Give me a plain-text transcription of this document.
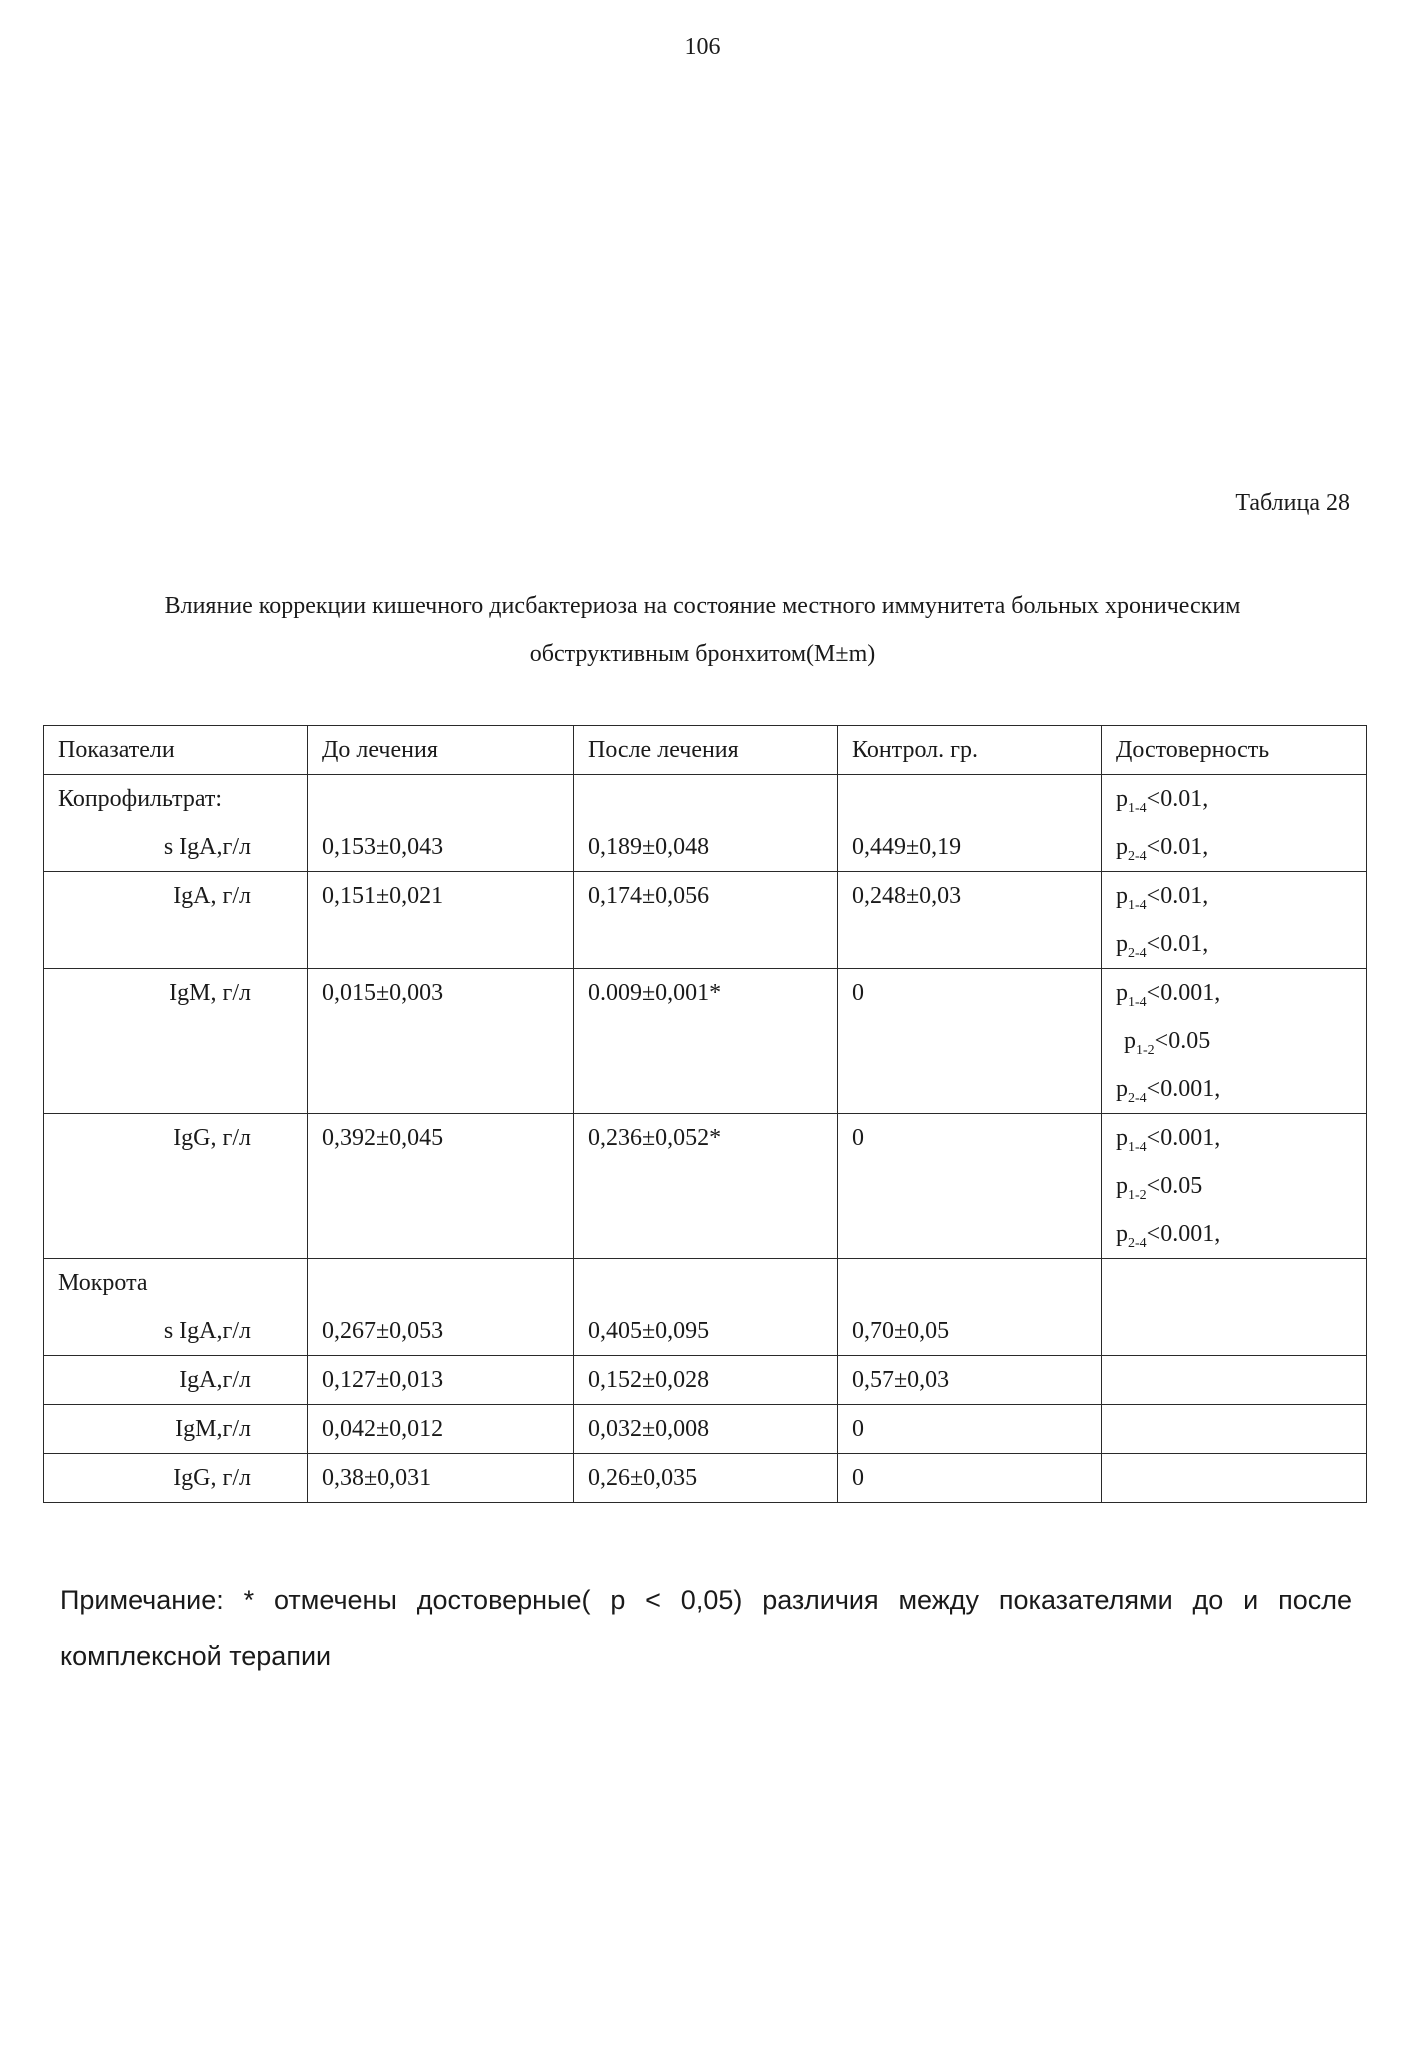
106
Таблица 28
Влияние коррекции кишечного дисбактериоза на состояние местного иммунитета больных хроническим
обструктивным бронхитом(M±m)
Показатели	До лечения	После лечения	Контрол. гр.	Достоверность

Копрофильтрат:
s IgA,г/л	0,153±0,043	0,189±0,048	0,449±0,19	$p_{1-4}<0.01$,
$p_{2-4}<0.01$,

IgA, г/л	0,151±0,021	0,174±0,056	0,248±0,03	$p_{1-4}<0.01$,
$p_{2-4}<0.01$,

IgM, г/л	0,015±0,003	0.009±0,001*	0	$p_{1-4}<0.001$,
$p_{1-2}<0.05$
$p_{2-4}<0.001$,

IgG, г/л	0,392±0,045	0,236±0,052*	0	$p_{1-4}<0.001$,
$p_{1-2}<0.05$
$p_{2-4}<0.001$,

Мокрота
s IgA,г/л	0,267±0,053	0,405±0,095	0,70±0,05	

IgA,г/л	0,127±0,013	0,152±0,028	0,57±0,03	

IgM,г/л	0,042±0,012	0,032±0,008	0	

IgG, г/л	0,38±0,031	0,26±0,035	0	

Примечание: * отмечены достоверные( p < 0,05) различия между показателями до и после комплексной терапии
